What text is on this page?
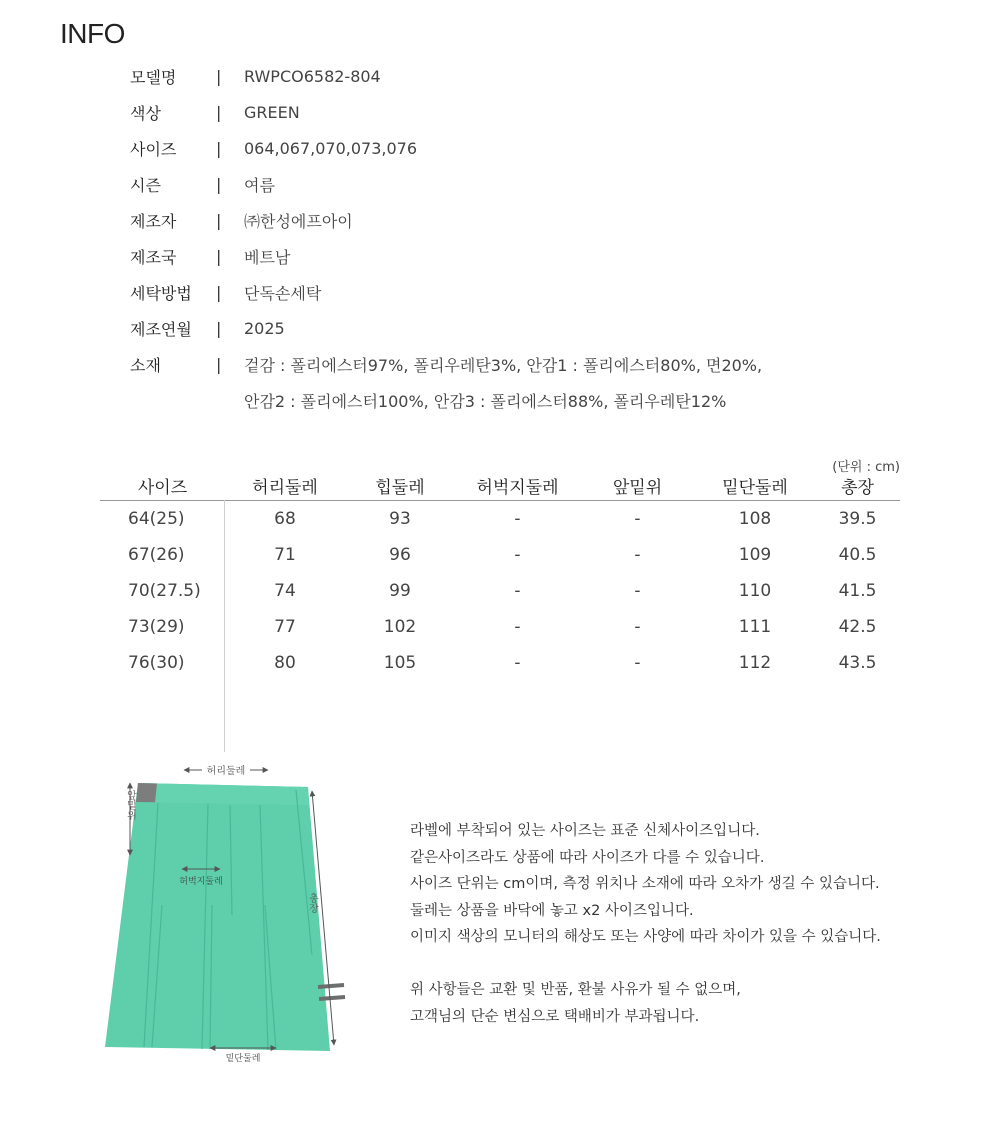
INFO
모델명	|	RWPCO6582-804
색상	|	GREEN
사이즈	|	064,067,070,073,076
시즌	|	여름
제조자	|	㈜한성에프아이
제조국	|	베트남
세탁방법	|	단독손세탁
제조연월	|	2025
소재	|	겉감 : 폴리에스터97%, 폴리우레탄3%, 안감1 : 폴리에스터80%, 면20%,
안감2 : 폴리에스터100%, 안감3 : 폴리에스터88%, 폴리우레탄12%
(단위 : cm)
사이즈	허리둘레	힙둘레	허벅지둘레	앞밑위	밑단둘레	총장
64(25)	68	93	-	-	108	39.5
67(26)	71	96	-	-	109	40.5
70(27.5)	74	99	-	-	110	41.5
73(29)	77	102	-	-	111	42.5
76(30)	80	105	-	-	112	43.5
허리둘레
앞밑위
허벅지둘레
총장
밑단둘레
라벨에 부착되어 있는 사이즈는 표준 신체사이즈입니다.
같은사이즈라도 상품에 따라 사이즈가 다를 수 있습니다.
사이즈 단위는 cm이며, 측정 위치나 소재에 따라 오차가 생길 수 있습니다.
둘레는 상품을 바닥에 놓고 x2 사이즈입니다.
이미지 색상의 모니터의 해상도 또는 사양에 따라 차이가 있을 수 있습니다.
위 사항들은 교환 및 반품, 환불 사유가 될 수 없으며,
고객님의 단순 변심으로 택배비가 부과됩니다.
